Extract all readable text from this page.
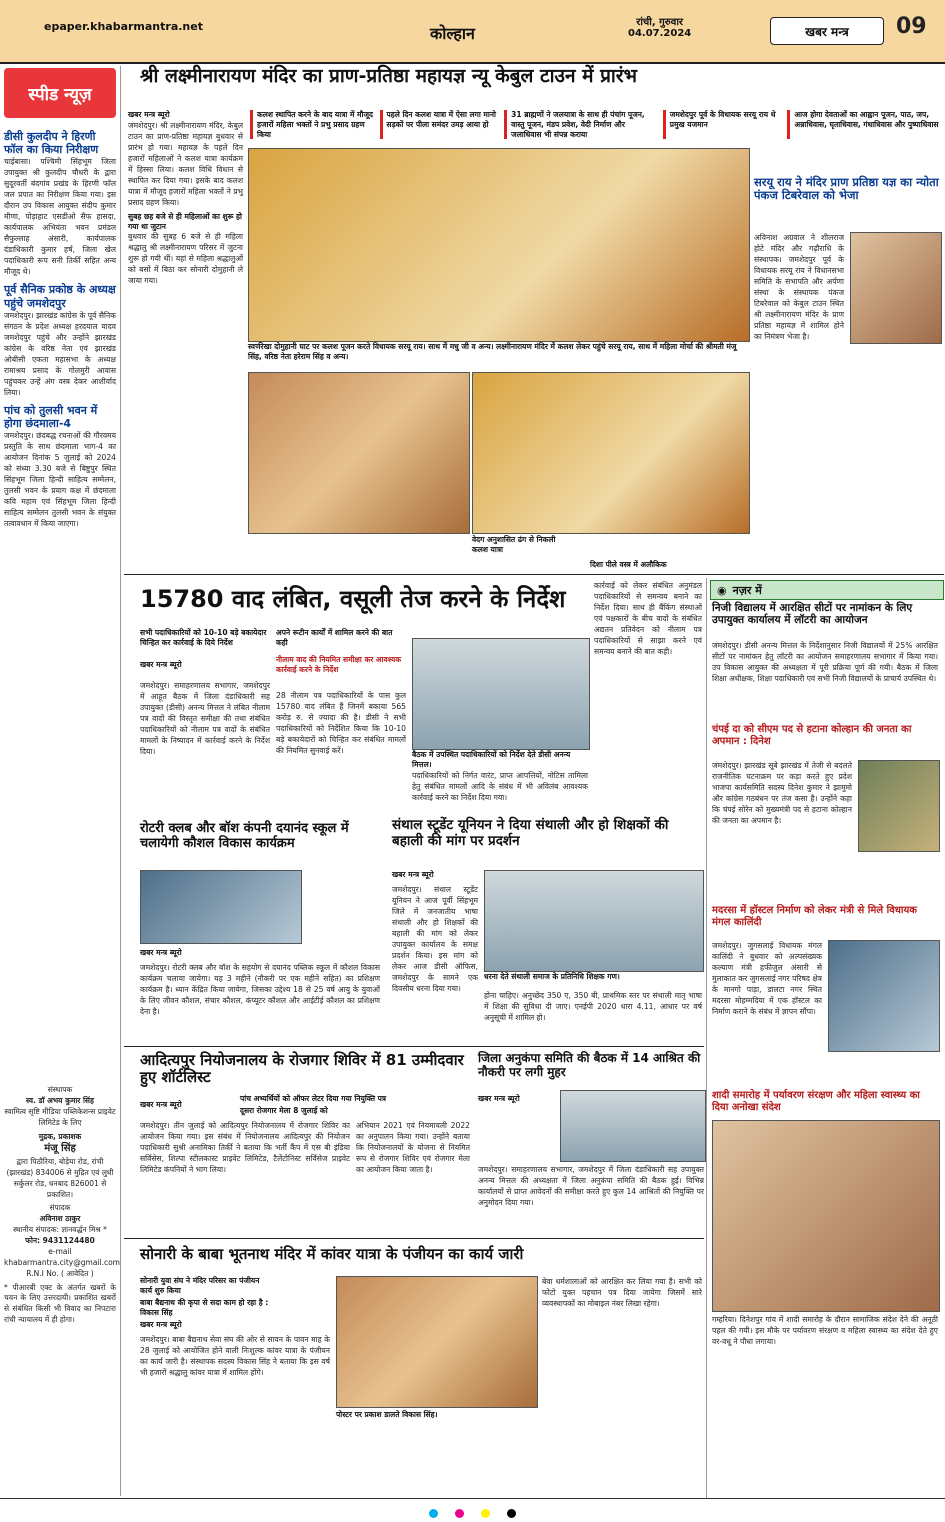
epaper.khabarmantra.net	कोल्हान
रांची, गुरुवार
04.07.2024	खबर मन्त्र 09
स्पीड न्यूज़
श्री लक्ष्मीनारायण मंदिर का प्राण-प्रतिष्ठा महायज्ञ न्यू केबुल टाउन में प्रारंभ
डीसी कुलदीप ने हिरणी फॉल का किया निरीक्षण
चाईबासा। पश्चिमी सिंहभूम जिला उपायुक्त श्री कुलदीप चौधरी के द्वारा सुदूरवर्ती बंदगांव प्रखंड के हिरणी फॉल जल प्रपात का निरीक्षण किया गया। इस दौरान उप विकास आयुक्त संदीप कुमार मीणा, पोड़ाहाट एसडीओ सैफ हासदा, कार्यपालक अभियंता भवन प्रमंडल सैफुल्लाह अंसारी, कार्यपालक दंडाधिकारी कुमार हर्ष, जिला खेल पदाधिकारी रूप सनी तिर्की सहित अन्य मौजूद थे।
पूर्व सैनिक प्रकोष्ठ के अध्यक्ष पहुंचे जमशेदपुर
जमशेदपुर। झारखंड कांग्रेस के पूर्व सैनिक संगठन के प्रदेश अध्यक्ष हरदयाल यादव जमशेदपुर पहुंचे और उन्होंने झारखंड कांग्रेस के वरिष्ठ नेता एवं झारखंड ओबीसी एकता महासभा के अध्यक्ष रामाश्रय प्रसाद के गोलमुरी आवास पहुंचकर उन्हें अंग वस्त्र देकर आशीर्वाद लिया।
पांच को तुलसी भवन में होगा छंदमाला-4
जमशेदपुर। छंदबद्ध रचनाओं की गौरवमय प्रस्तुति के साथ छंदमाला भाग-4 का आयोजन दिनांक 5 जुलाई को 2024 को संध्या 3.30 बजे से बिष्टुपुर स्थित सिंहभूम जिला हिन्दी साहित्य सम्मेलन, तुलसी भवन के प्रयाग कक्ष में छंदमाला कवि महाम एवं सिंहभूम जिला हिन्दी साहित्य सम्मेलन तुलसी भवन के संयुक्त तत्वावधान में किया जाएगा।
संस्थापक
स्व. डॉ अभय कुमार सिंह
स्वामित्व सृष्टि मीडिया पब्लिकेशन्स प्राइवेट लिमिटेड के लिए
मुद्रक, प्रकाशक
मंजू सिंह
द्वारा पिठौरिया, बोड़ेया रोड, रांची (झारखंड) 834006 से मुद्रित एवं लुधी सर्कुलर रोड, धनबाद 826001 से प्रकाशित।
संपादक
अविनाश ठाकुर
स्थानीय संपादक: ज्ञानवर्द्धन मिश्र *
फोन: 9431124480
e-mail
khabarmantra.city@gmail.com
R.N.I No. ( आवेदित )
* पीआरबी एक्ट के अंतर्गत खबरों के चयन के लिए उत्तरदायी। प्रकाशित खबरों से संबंधित किसी भी विवाद का निपटारा रांची न्यायालय में ही होगा।
कलश स्थापित करने के बाद यात्रा में मौजूद हजारों महिला भक्तों ने प्रभु प्रसाद ग्रहण किया
पहले दिन कलश यात्रा में ऐसा लगा मानो सड़कों पर पीला समंदर उमड़ आया हो
31 ब्राह्मणों ने जलयात्रा के साथ ही पंचांग पूजन, वास्तु पूजन, मंडप प्रवेश, वेदी निर्माण और जलाधिवास भी संपन्न कराया
जमशेदपुर पूर्व के विधायक सरयू राय थे प्रमुख यजमान
आज होगा देवताओं का आह्वान पूजन, पाठ, जप, अन्नाधिवास, घृताधिवास, गंधाधिवास और पुष्पाधिवास
खबर मन्त्र ब्यूरो
जमशेदपुर। श्री लक्ष्मीनारायण मंदिर, केबुल टाउन का प्राण-प्रतिष्ठा महायज्ञ बुधवार से प्रारंभ हो गया। महायज्ञ के पहले दिन हजारों महिलाओं ने कलश यात्रा कार्यक्रम में हिस्सा लिया। कलश विधि विधान से स्थापित कर दिया गया। इसके बाद कलश यात्रा में मौजूद हजारों महिला भक्तों ने प्रभु प्रसाद ग्रहण किया।
सुबह छह बजे से ही महिलाओं का शुरू हो गया था जुटान
बुधवार की सुबह 6 बजे से ही महिला श्रद्धालु श्री लक्ष्मीनारायण परिसर में जुटना शुरू हो गयी थीं। यहां से महिला श्रद्धालुओं को बसों में बिठा कर सोनारी दोमुहानी ले जाया गया।
स्वर्णरेखा दोमुहानी घाट पर कलश पूजन करते विधायक सरयू राय। साथ में मधु जी व अन्य। लक्ष्मीनारायण मंदिर में कलश लेकर पहुंचे सरयू राय, साथ में महिला मोर्चा की श्रीमती मंजू सिंह, वरिष्ठ नेता हरेराम सिंह व अन्य।
वेदग अनुशासित ढंग से निकली कलश यात्रा
दिशा पीले वस्त्र में अलौकिक
सरयू राय ने मंदिर प्राण प्रतिष्ठा यज्ञ का न्योता पंकज टिबरेवाल को भेजा
अविनाश अग्रवाल ने शीलराज होटे मंदिर और गढ़ौराधि के संस्थापक। जमशेदपुर पूर्व के विधायक सरयू राय ने विधानसभा समिति के सभापति और अर्पणा संस्था के संस्थापक पंकज टिबरेवाल को केबुल टाउन स्थित श्री लक्ष्मीनारायण मंदिर के प्राण प्रतिष्ठा महायज्ञ में शामिल होने का निमंत्रण भेजा है।
15780 वाद लंबित, वसूली तेज करने के निर्देश
सभी पदाधिकारियों को 10-10 बड़े बकायेदार चिन्हित कर कार्रवाई के दिये निर्देश
अपने रूटीन कार्यों में शामिल करने की बात कही
नीलाम वाद की नियमित समीक्षा कर आवश्यक कार्रवाई करने के निर्देश
खबर मन्त्र ब्यूरो
जमशेदपुर। समाहरणालय सभागार, जमशेदपुर में आहूत बैठक में जिला दंडाधिकारी सह उपायुक्त (डीसी) अनन्य मित्तल ने लंबित नीलाम पत्र वादों की विस्तृत समीक्षा की तथा संबंधित पदाधिकारियों को नीलाम पत्र वादों के संबंधित मामलों के निष्पादन में कार्रवाई करने के निर्देश दिया।
28 नीलाम पत्र पदाधिकारियों के पास कुल 15780 वाद लंबित हैं जिनमें बकाया 565 करोड़ रु. से ज्यादा की है। डीसी ने सभी पदाधिकारियों को निर्देशित किया कि 10-10 बड़े बकायेदारों को चिन्हित कर संबंधित मामलों की नियमित सुनवाई करें।	बैठक में उपस्थित पदाधिकारियों को निर्देश देते डीसी अनन्य मित्तल।
पदाधिकारियों को निर्गत वारंट, प्राप्त आपत्तियों, नोटिस तामिला हेतु संबंधित मामलों आदि के संबंध में भी अविलंब आवश्यक कार्रवाई करने का निर्देश दिया गया।
कार्रवाई को लेकर संबंधित अनुमंडल पदाधिकारियों से समन्वय बनाने का निर्देश दिया। साथ ही बैंकिंग संस्थाओं एवं पक्षकारों के बीच वादों के संबंधित अद्यतन प्रतिवेदन को नीलाम पत्र पदाधिकारियों से साझा करने एवं समन्वय बनाने की बात कही।
◉ नज़र में
निजी विद्यालय में आरक्षित सीटों पर नामांकन के लिए उपायुक्त कार्यालय में लॉटरी का आयोजन
जमशेदपुर। डीसी अनन्य मित्तल के निर्देशानुसार निजी विद्यालयों में 25% आरक्षित सीटों पर नामांकन हेतु लॉटरी का आयोजन समाहरणालय सभागार में किया गया। उप विकास आयुक्त की अध्यक्षता में पूरी प्रक्रिया पूर्ण की गयी। बैठक में जिला शिक्षा अधीक्षक, शिक्षा पदाधिकारी एवं सभी निजी विद्यालयों के प्राचार्य उपस्थित थे।
चंपई दा को सीएम पद से हटाना कोल्हान की जनता का अपमान : दिनेश
जमशेदपुर। झारखंड सूबे झारखंड में तेजी से बदलते राजनीतिक घटनाक्रम पर कड़ा करते हुए प्रदेश भाजपा कार्यसमिति सदस्य दिनेश कुमार ने झामुमो और कांग्रेस गठबंधन पर तंज कसा है। उन्होंने कहा कि चंपई सोरेन को मुख्यमंत्री पद से हटाना कोल्हान की जनता का अपमान है।
मदरसा में हॉस्टल निर्माण को लेकर मंत्री से मिले विधायक मंगल कालिंदी
जमशेदपुर। जुगसलाई विधायक मंगल कालिंदी ने बुधवार को अल्पसंख्यक कल्याण मंत्री हफीजुल अंसारी से मुलाकात कर जुगसलाई नगर परिषद क्षेत्र के मानगो पाड़ा, डालटा नगर स्थित मदरसा मोहम्मदिया में एक हॉस्टल का निर्माण कराने के संबंध में ज्ञापन सौंपा।
शादी समारोह में पर्यावरण संरक्षण और महिला स्वास्थ्य का दिया अनोखा संदेश
गम्हरिया। दिनेशपुर गांव में शादी समारोह के दौरान सामाजिक संदेश देने की अनूठी पहल की गयी। इस मौके पर पर्यावरण संरक्षण व महिला स्वास्थ्य का संदेश देते हुए वर-वधू ने पौधा लगाया।
रोटरी क्लब और बॉश कंपनी दयानंद स्कूल में चलायेगी कौशल विकास कार्यक्रम
खबर मन्त्र ब्यूरो
जमशेदपुर। रोटरी क्लब और बॉश के सहयोग से दयानंद पब्लिक स्कूल में कौशल विकास कार्यक्रम चलाया जायेगा। यह 3 महीने (नौकरी पर एक महीने सहित) का प्रशिक्षण कार्यक्रम है। ध्यान केंद्रित किया जायेगा, जिसका उद्देश्य 18 से 25 वर्ष आयु के युवाओं के लिए जीवन कौशल, संचार कौशल, कंप्यूटर कौशल और आईटीई कौशल का प्रशिक्षण देना है।
संथाल स्टूडेंट यूनियन ने दिया संथाली और हो शिक्षकों की बहाली की मांग पर प्रदर्शन
खबर मन्त्र ब्यूरो
जमशेदपुर। संथाल स्टूडेंट यूनियन ने आज पूर्वी सिंहभूम जिले में जनजातीय भाषा संथाली और हो शिक्षकों की बहाली की मांग को लेकर उपायुक्त कार्यालय के समक्ष प्रदर्शन किया। इस मांग को लेकर आज डीसी ऑफिस, जमशेदपुर के सामने एक दिवसीय धरना दिया गया।
धरना देते संथाली समाज के प्रतिनिधि शिक्षक गण।
होना चाहिए। अनुच्छेद 350 ए, 350 बी, प्राथमिक स्तर पर संथाली मातृ भाषा में शिक्षा की सुविधा दी जाए। एनईपी 2020 धारा 4.11, आधार पर वर्ष अनुसूची में शामिल हो।
आदित्यपुर नियोजनालय के रोजगार शिविर में 81 उम्मीदवार हुए शॉर्टलिस्ट
पांच अभ्यर्थियों को ऑफर लेटर दिया गया नियुक्ति पत्र
दूसरा रोजगार मेला 8 जुलाई को
खबर मन्त्र ब्यूरो
जमशेदपुर। तीन जुलाई को आदित्यपुर नियोजनालय में रोजगार शिविर का आयोजन किया गया। इस संबंध में नियोजनालय आदित्यपुर की नियोजन पदाधिकारी सुश्री अनामिका तिर्की ने बताया कि भर्ती कैंप में एस बी इंडिया सर्विसेस, शिल्पा स्टीलकास्ट प्राइवेट लिमिटेड, टैलेंटोनिस्ट सर्विसेज प्राइवेट लिमिटेड कंपनियों ने भाग लिया।
अभियान 2021 एवं नियमावली 2022 का अनुपालन किया गया। उन्होंने बताया कि नियोजनालयों के योजना से नियमित रूप से रोजगार शिविर एवं रोजगार मेला का आयोजन किया जाता है।
जिला अनुकंपा समिति की बैठक में 14 आश्रित की नौकरी पर लगी मुहर
खबर मन्त्र ब्यूरो
जमशेदपुर। समाहरणालय सभागार, जमशेदपुर में जिला दंडाधिकारी सह उपायुक्त अनन्य मित्तल की अध्यक्षता में जिला अनुकंपा समिति की बैठक हुई। विभिन्न कार्यालयों से प्राप्त आवेदनों की समीक्षा करते हुए कुल 14 आश्रितों की नियुक्ति पर अनुमोदन दिया गया।
सोनारी के बाबा भूतनाथ मंदिर में कांवर यात्रा के पंजीयन का कार्य जारी
सोनारी युवा संघ ने मंदिर परिसर का पंजीयन कार्य शुरु किया
बाबा बैद्यनाथ की कृपा से सदा काम हो रहा है : विकास सिंह
खबर मन्त्र ब्यूरो
जमशेदपुर। बाबा बैद्यनाथ सेवा संघ की ओर से सावन के पावन माह के 28 जुलाई को आयोजित होने वाली निःशुल्क कांवर यात्रा के पंजीयन का कार्य जारी है। संस्थापक सदस्य विकास सिंह ने बताया कि इस वर्ष भी हजारों श्रद्धालु कांवर यात्रा में शामिल होंगे।
पोस्टर पर प्रकाश डालते विकास सिंह।
बेवा धर्मशालाओं को आरक्षित कर लिया गया है। सभी को फोटो युक्त पहचान पत्र दिया जायेगा जिसमें सारे व्यवस्थापकों का मोबाइल नंबर लिखा रहेगा।
